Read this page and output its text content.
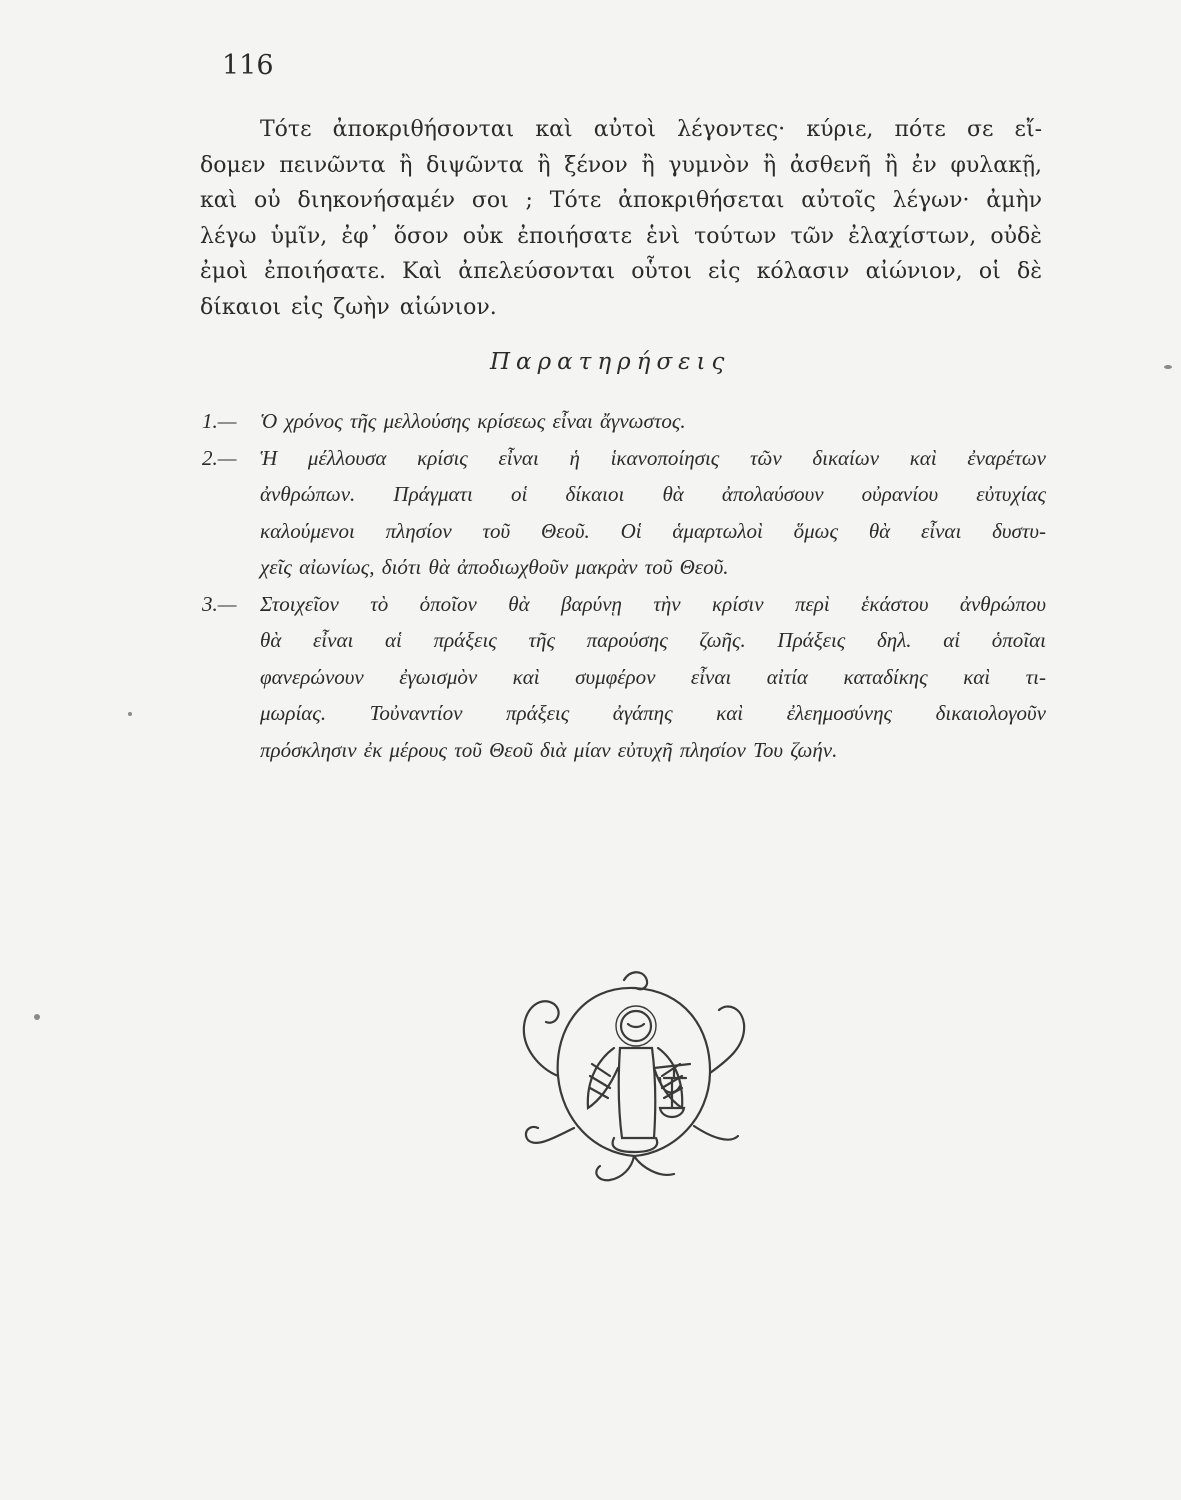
116
Τότε ἀποκριθήσονται καὶ αὐτοὶ λέγοντες· κύριε, πότε σε εἴ-
δομεν πεινῶντα ἢ διψῶντα ἢ ξένον ἢ γυμνὸν ἢ ἀσθενῆ ἢ ἐν φυλακῇ,
καὶ οὐ διηκονήσαμέν σοι ; Τότε ἀποκριθήσεται αὐτοῖς λέγων· ἀμὴν
λέγω ὑμῖν, ἐφ᾽ ὅσον οὐκ ἐποιήσατε ἑνὶ τούτων τῶν ἐλαχίστων, οὐδὲ
ἐμοὶ ἐποιήσατε. Καὶ ἀπελεύσονται οὗτοι εἰς κόλασιν αἰώνιον, οἱ δὲ
δίκαιοι εἰς ζωὴν αἰώνιον.
Παρατηρήσεις
1.— Ὁ χρόνος τῆς μελλούσης κρίσεως εἶναι ἄγνωστος.
2.— Ἡ μέλλουσα κρίσις εἶναι ἡ ἱκανοποίησις τῶν δικαίων καὶ ἐναρέτων
ἀνθρώπων. Πράγματι οἱ δίκαιοι θὰ ἀπολαύσουν οὐρανίου εὐτυχίας
καλούμενοι πλησίον τοῦ Θεοῦ. Οἱ ἁμαρτωλοὶ ὅμως θὰ εἶναι δυστυ-
χεῖς αἰωνίως, διότι θὰ ἀποδιωχθοῦν μακρὰν τοῦ Θεοῦ.
3.— Στοιχεῖον τὸ ὁποῖον θὰ βαρύνῃ τὴν κρίσιν περὶ ἑκάστου ἀνθρώπου
θὰ εἶναι αἱ πράξεις τῆς παρούσης ζωῆς. Πράξεις δηλ. αἱ ὁποῖαι
φανερώνουν ἐγωισμὸν καὶ συμφέρον εἶναι αἰτία καταδίκης καὶ τι-
μωρίας. Τοὐναντίον πράξεις ἀγάπης καὶ ἐλεημοσύνης δικαιολογοῦν
πρόσκλησιν ἐκ μέρους τοῦ Θεοῦ διὰ μίαν εὐτυχῆ πλησίον Του ζωήν.
